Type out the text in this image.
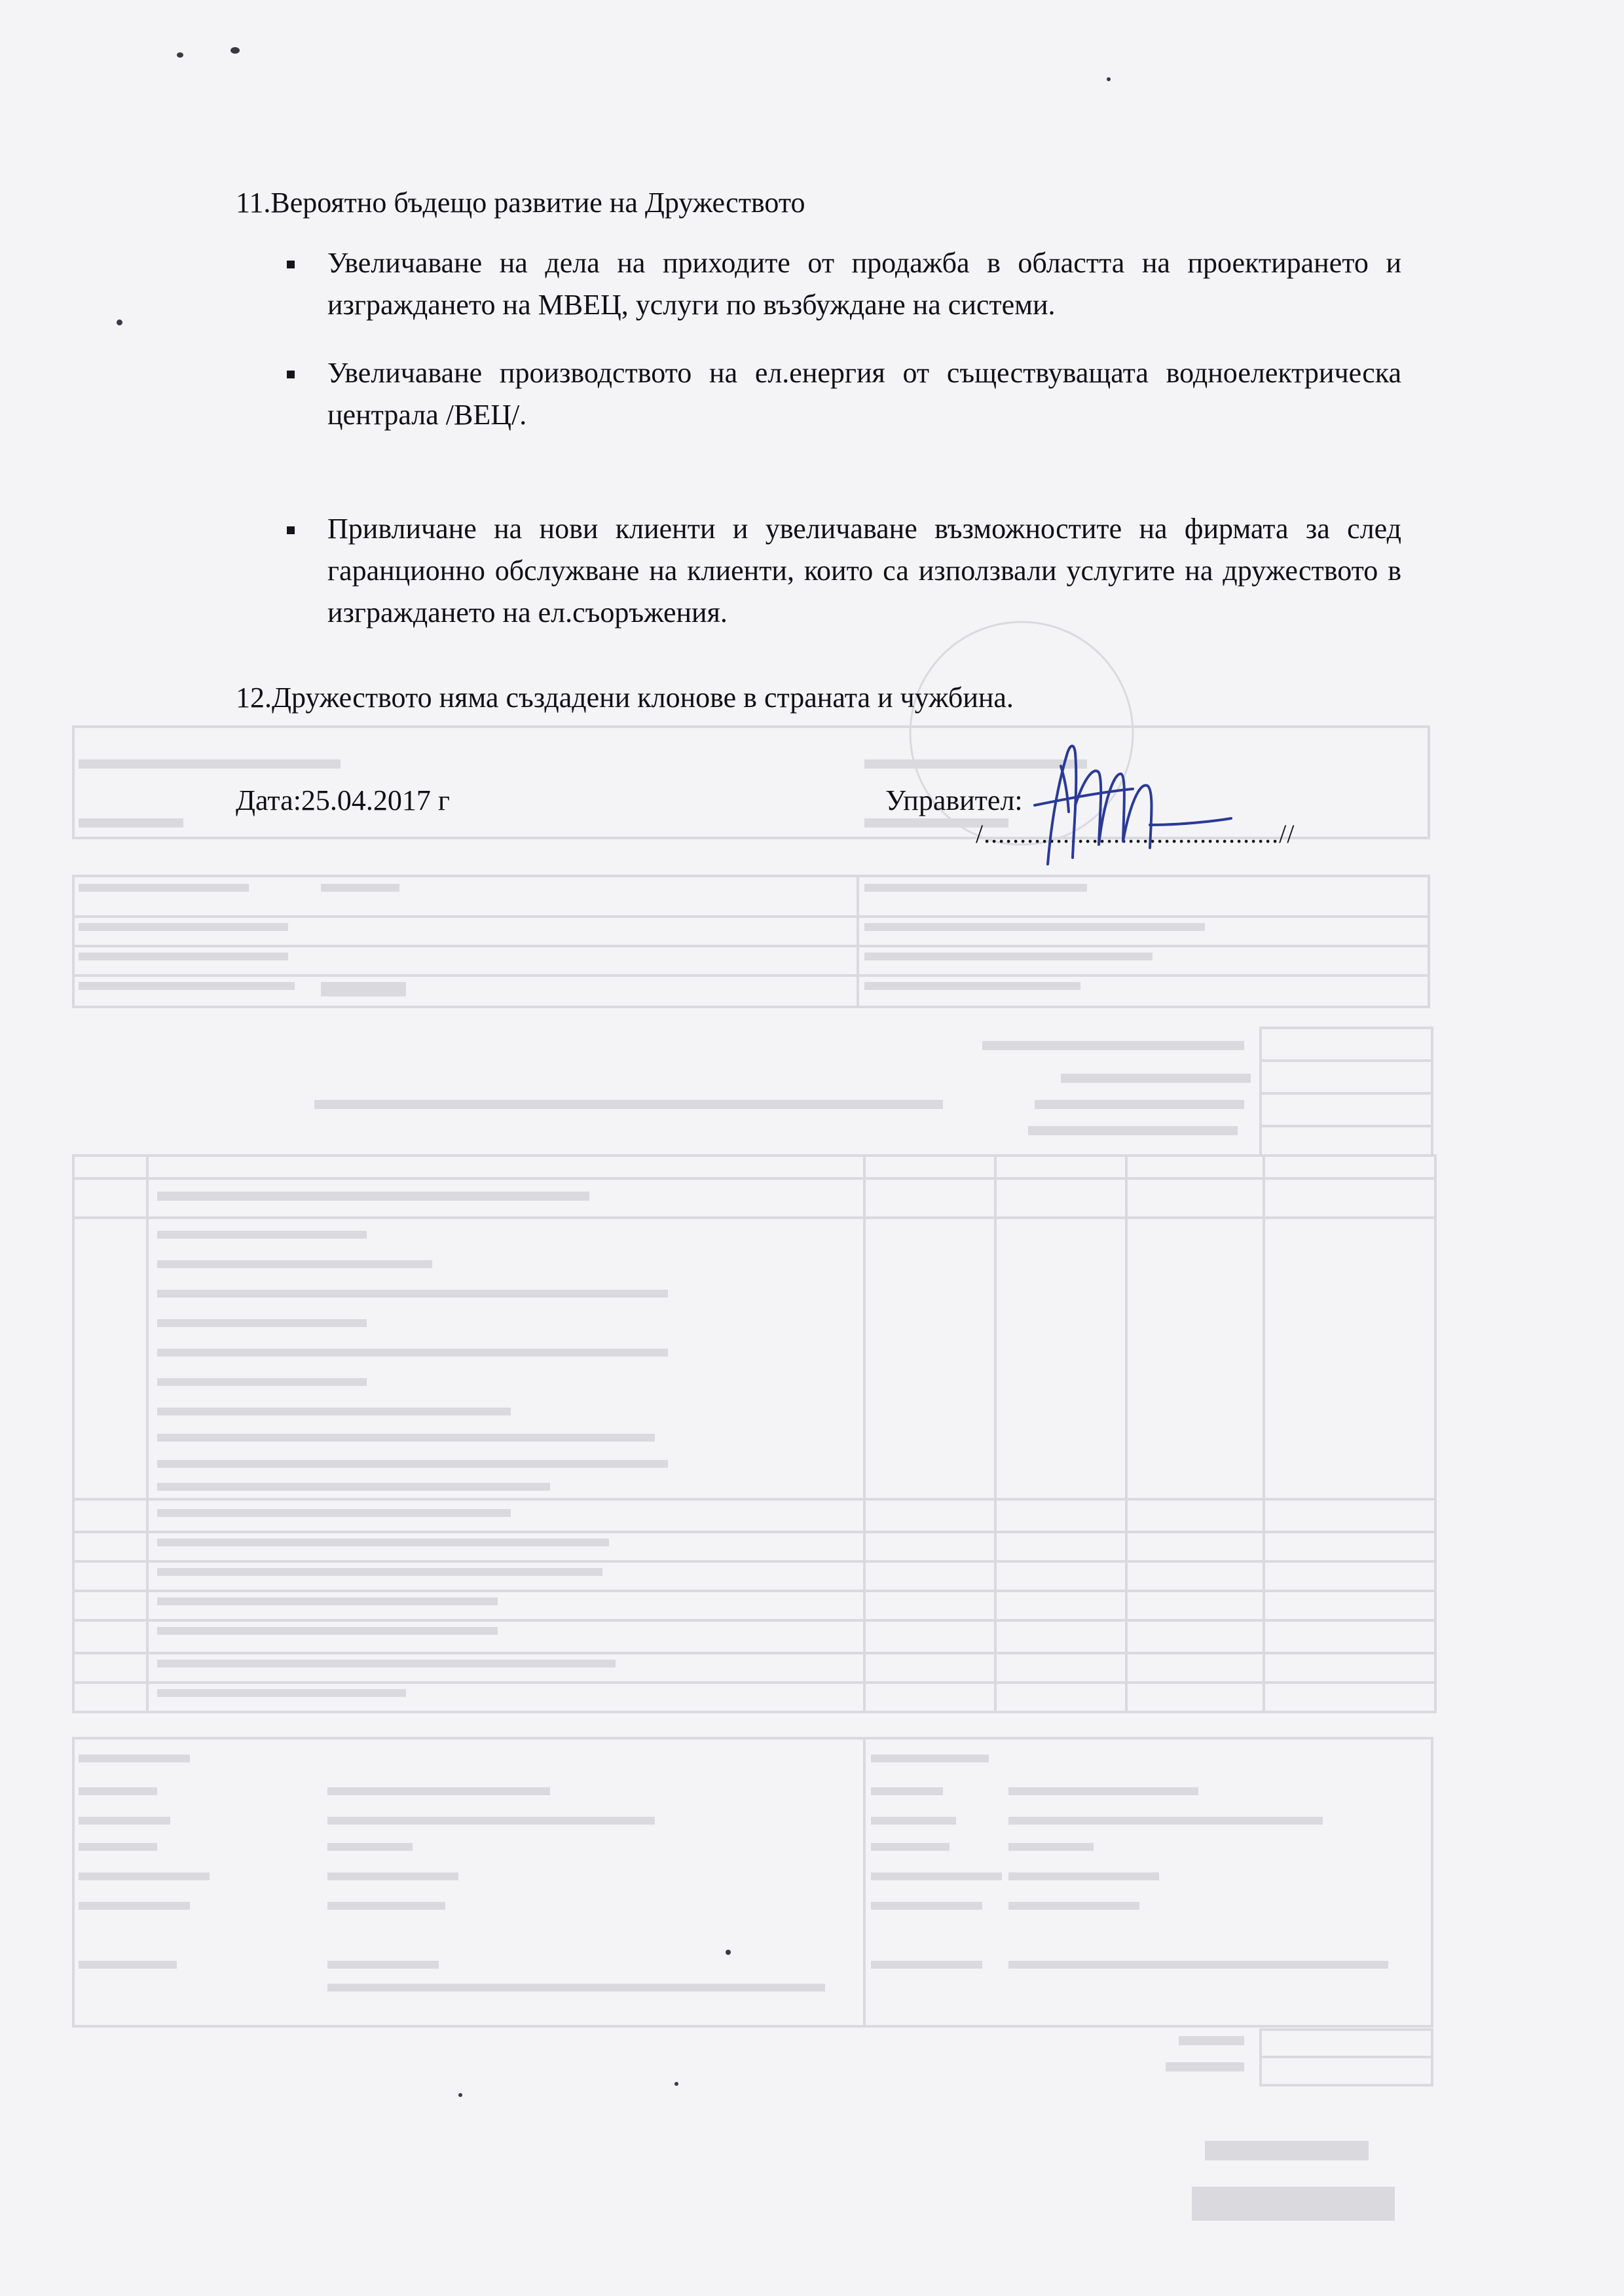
11.Вероятно бъдещо развитие на Дружеството

Увеличаване на дела на приходите от продажба в областта на проектирането и изграждането на МВЕЦ, услуги по възбуждане на системи.
Увеличаване производството на ел.енергия от съществуващата водноелектрическа централа /ВЕЦ/.
Привличане на нови клиенти и увеличаване възможностите на фирмата за след гаранционно обслужване на клиенти, които са използвали услугите на дружеството в изграждането на ел.съоръжения.

12.Дружеството няма създадени клонове в страната и чужбина.

Дата:25.04.2017 г	Управител:
/.........................................//
